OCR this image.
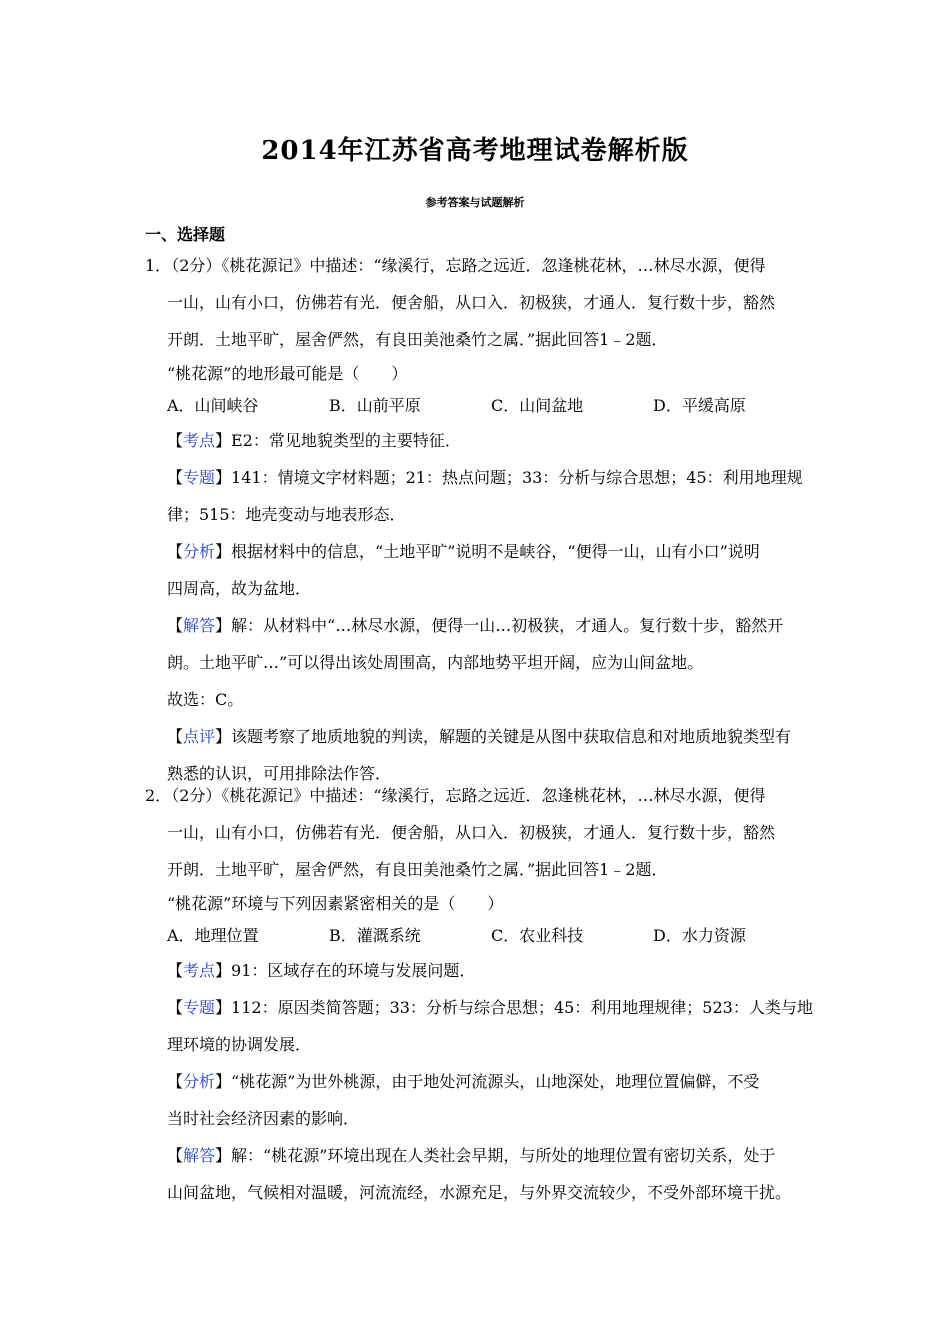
2014年江苏省高考地理试卷解析版
参考答案与试题解析
一、选择题
1．（2分）《桃花源记》中描述：“缘溪行，忘路之远近．忽逢桃花林，…林尽水源，便得
一山，山有小口，仿佛若有光．便舍船，从口入．初极狭，才通人．复行数十步，豁然
开朗．土地平旷，屋舍俨然，有良田美池桑竹之属．”据此回答1﹣2题．
“桃花源”的地形最可能是（　　）
A．山间峡谷	B．山前平原	C．山间盆地	D．平缓高原
【考点】E2：常见地貌类型的主要特征．
【专题】141：情境文字材料题；21：热点问题；33：分析与综合思想；45：利用地理规
律；515：地壳变动与地表形态．
【分析】根据材料中的信息，“土地平旷”说明不是峡谷，“便得一山，山有小口”说明
四周高，故为盆地．
【解答】解：从材料中“…林尽水源，便得一山…初极狭，才通人。复行数十步，豁然开
朗。土地平旷…”可以得出该处周围高，内部地势平坦开阔，应为山间盆地。
故选：C。
【点评】该题考察了地质地貌的判读，解题的关键是从图中获取信息和对地质地貌类型有
熟悉的认识，可用排除法作答．
2．（2分）《桃花源记》中描述：“缘溪行，忘路之远近．忽逢桃花林，…林尽水源，便得
一山，山有小口，仿佛若有光．便舍船，从口入．初极狭，才通人．复行数十步，豁然
开朗．土地平旷，屋舍俨然，有良田美池桑竹之属．”据此回答1﹣2题．
“桃花源”环境与下列因素紧密相关的是（　　）
A．地理位置	B．灌溉系统	C．农业科技	D．水力资源
【考点】91：区域存在的环境与发展问题．
【专题】112：原因类简答题；33：分析与综合思想；45：利用地理规律；523：人类与地
理环境的协调发展．
【分析】“桃花源”为世外桃源，由于地处河流源头，山地深处，地理位置偏僻，不受
当时社会经济因素的影响．
【解答】解：“桃花源”环境出现在人类社会早期，与所处的地理位置有密切关系，处于
山间盆地，气候相对温暖，河流流经，水源充足，与外界交流较少，不受外部环境干扰。
